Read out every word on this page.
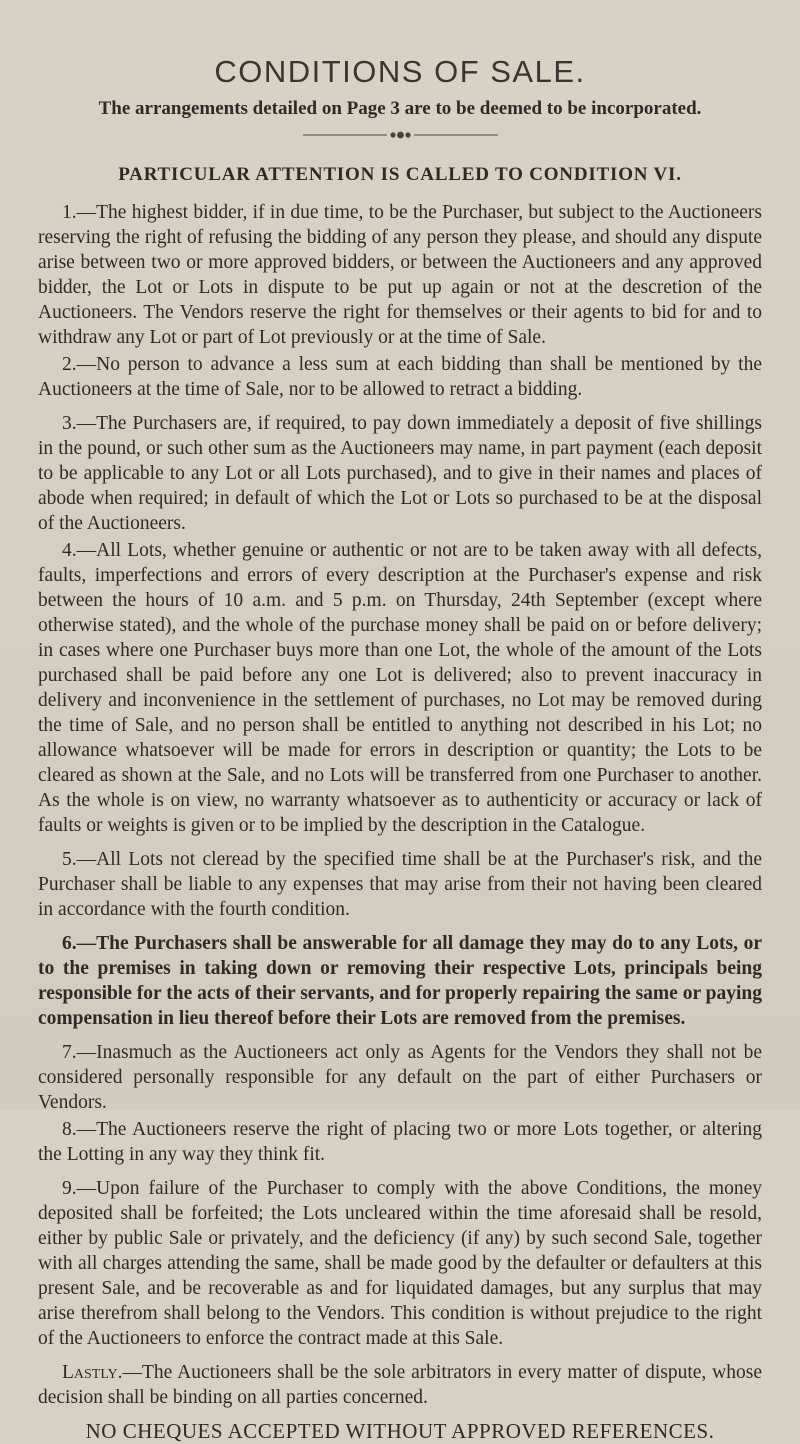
CONDITIONS OF SALE.

The arrangements detailed on Page 3 are to be deemed to be incorporated.

PARTICULAR ATTENTION IS CALLED TO CONDITION VI.

1.—The highest bidder, if in due time, to be the Purchaser, but subject to the Auctioneers reserving the right of refusing the bidding of any person they please, and should any dispute arise between two or more approved bidders, or between the Auctioneers and any approved bidder, the Lot or Lots in dispute to be put up again or not at the descretion of the Auctioneers. The Vendors reserve the right for themselves or their agents to bid for and to withdraw any Lot or part of Lot previously or at the time of Sale.

2.—No person to advance a less sum at each bidding than shall be mentioned by the Auctioneers at the time of Sale, nor to be allowed to retract a bidding.

3.—The Purchasers are, if required, to pay down immediately a deposit of five shillings in the pound, or such other sum as the Auctioneers may name, in part payment (each deposit to be applicable to any Lot or all Lots purchased), and to give in their names and places of abode when required; in default of which the Lot or Lots so purchased to be at the disposal of the Auctioneers.

4.—All Lots, whether genuine or authentic or not are to be taken away with all defects, faults, imperfections and errors of every description at the Purchaser's expense and risk between the hours of 10 a.m. and 5 p.m. on Thursday, 24th September (except where otherwise stated), and the whole of the purchase money shall be paid on or before delivery; in cases where one Purchaser buys more than one Lot, the whole of the amount of the Lots purchased shall be paid before any one Lot is delivered; also to prevent inaccuracy in delivery and inconvenience in the settlement of purchases, no Lot may be removed during the time of Sale, and no person shall be entitled to anything not described in his Lot; no allowance whatsoever will be made for errors in description or quantity; the Lots to be cleared as shown at the Sale, and no Lots will be transferred from one Purchaser to another. As the whole is on view, no warranty whatsoever as to authenticity or accuracy or lack of faults or weights is given or to be implied by the description in the Catalogue.

5.—All Lots not cleread by the specified time shall be at the Purchaser's risk, and the Purchaser shall be liable to any expenses that may arise from their not having been cleared in accordance with the fourth condition.

6.—The Purchasers shall be answerable for all damage they may do to any Lots, or to the premises in taking down or removing their respective Lots, principals being responsible for the acts of their servants, and for properly repairing the same or paying compensation in lieu thereof before their Lots are removed from the premises.

7.—Inasmuch as the Auctioneers act only as Agents for the Vendors they shall not be considered personally responsible for any default on the part of either Purchasers or Vendors.

8.—The Auctioneers reserve the right of placing two or more Lots together, or altering the Lotting in any way they think fit.

9.—Upon failure of the Purchaser to comply with the above Conditions, the money deposited shall be forfeited; the Lots uncleared within the time aforesaid shall be resold, either by public Sale or privately, and the deficiency (if any) by such second Sale, together with all charges attending the same, shall be made good by the defaulter or defaulters at this present Sale, and be recoverable as and for liquidated damages, but any surplus that may arise therefrom shall belong to the Vendors. This condition is without prejudice to the right of the Auctioneers to enforce the contract made at this Sale.

Lastly.—The Auctioneers shall be the sole arbitrators in every matter of dispute, whose decision shall be binding on all parties concerned.

NO CHEQUES ACCEPTED WITHOUT APPROVED REFERENCES.
